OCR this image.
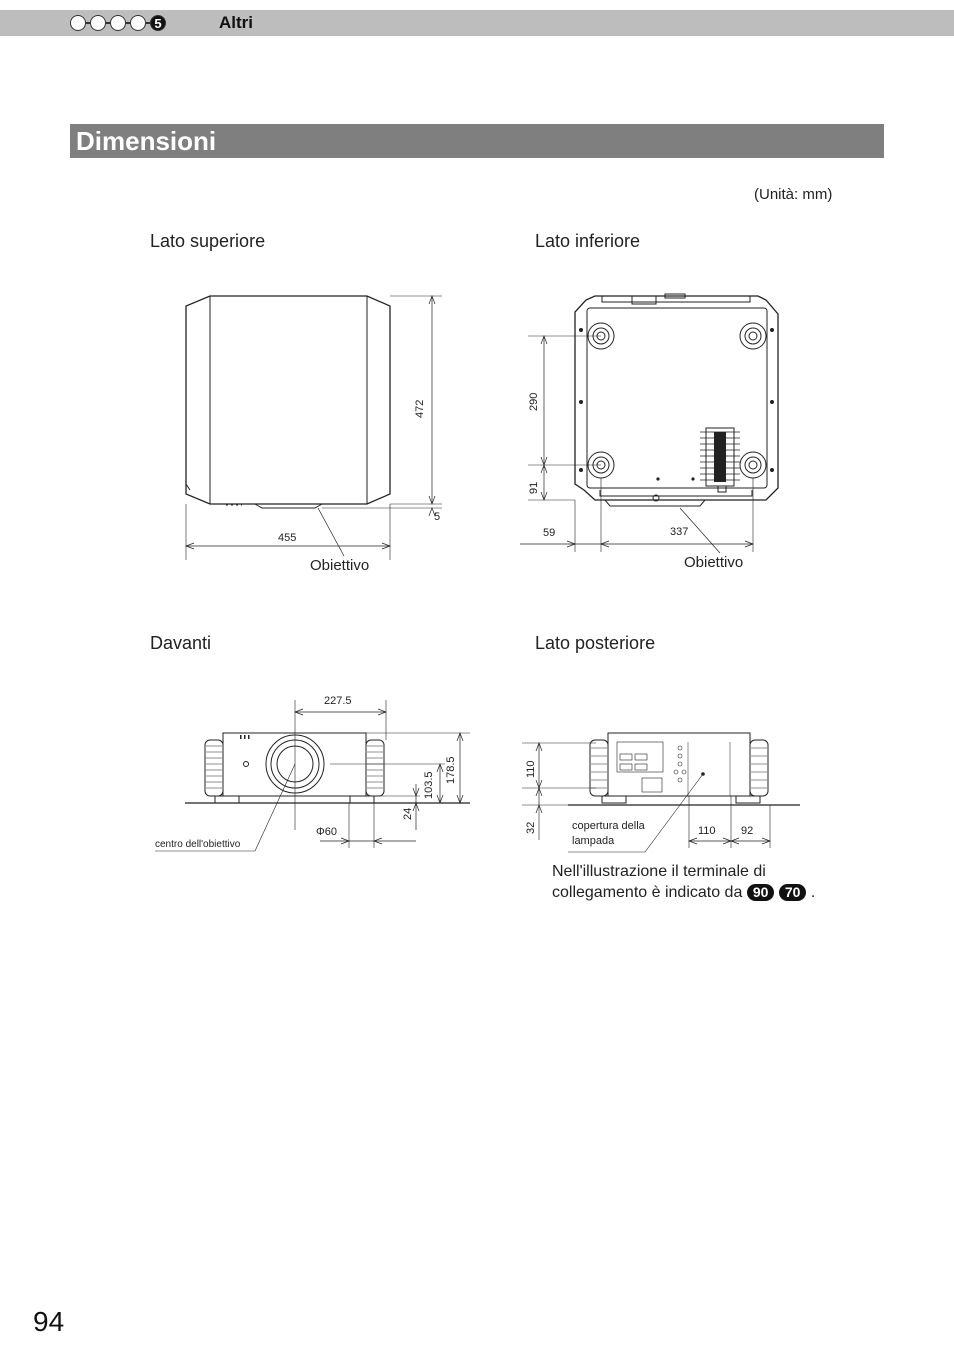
5	Altri
Dimensioni
(Unità: mm)
Lato superiore	Lato inferiore
Davanti	Lato posteriore
472
455
5
Obiettivo
290
91
59	337
Obiettivo
227.5
178.5
103.5
24
Φ60
centro dell'obiettivo
110
32	110 92
copertura della
lampada
Nell'illustrazione il terminale di
collegamento è indicato da 90 70 .
94
